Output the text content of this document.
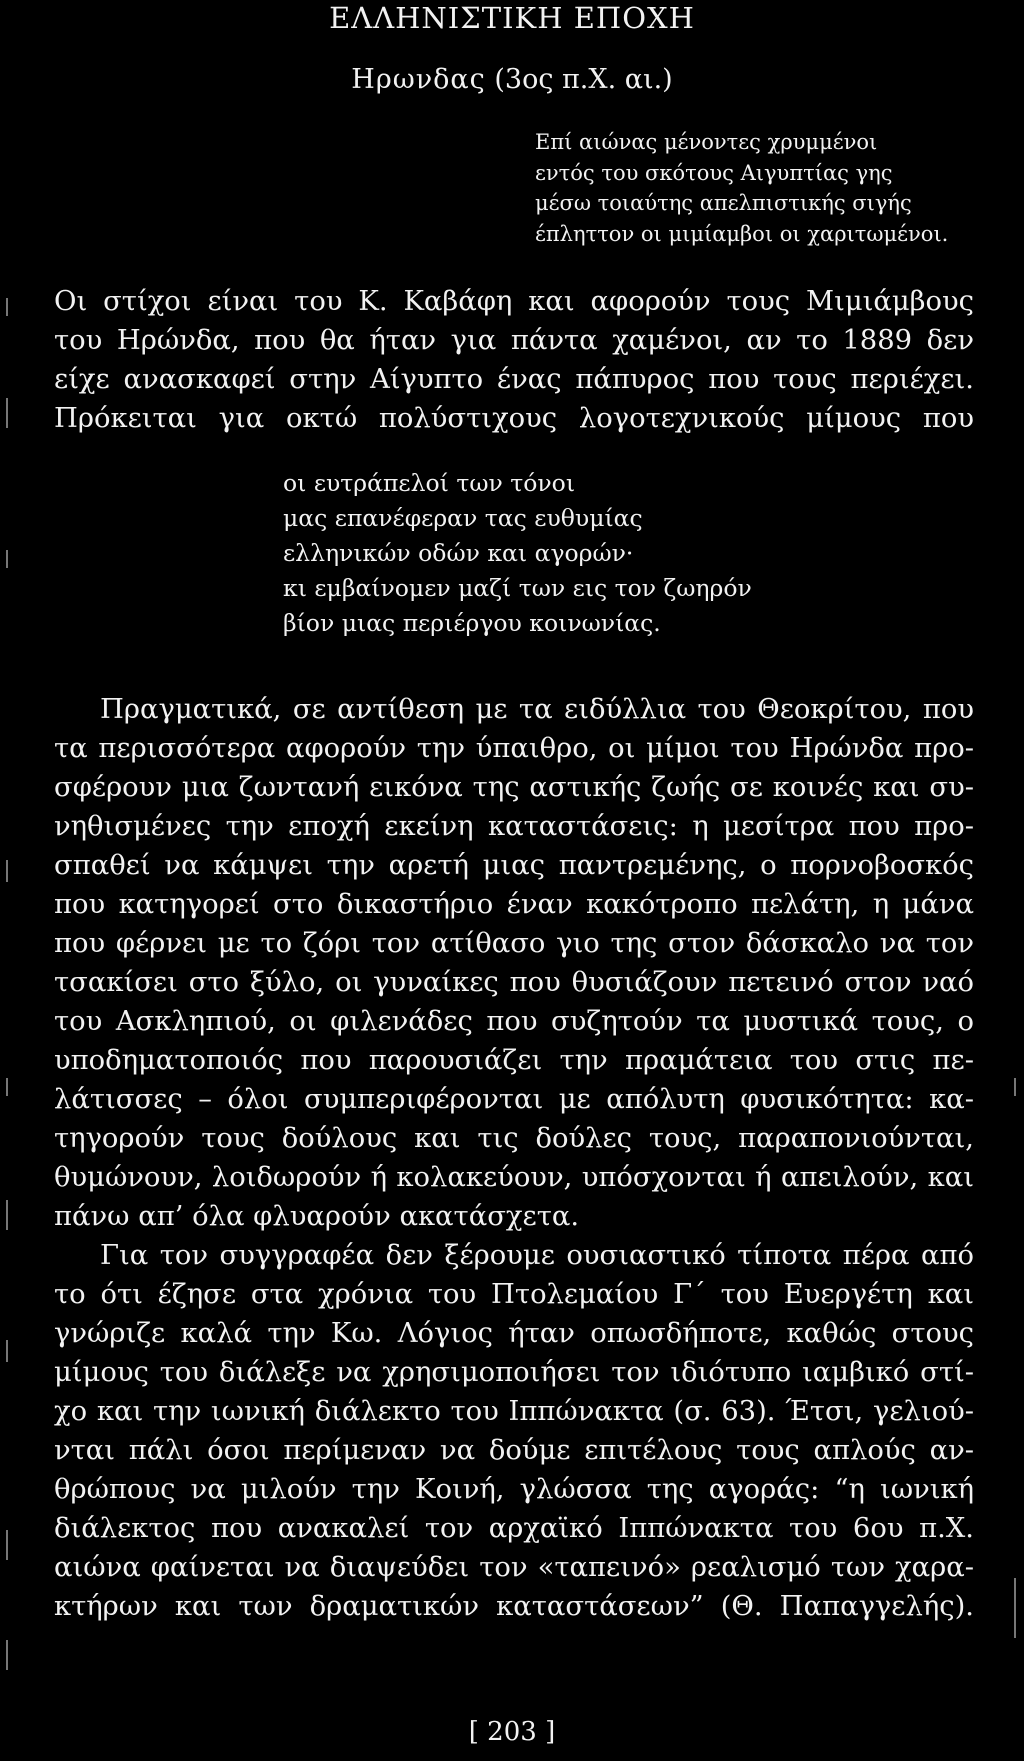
ΕΛΛΗΝΙΣΤΙΚΗ ΕΠΟΧΗ
Ηρωνδας (3ος π.Χ. αι.)
Επί αιώνας μένοντες χρυμμένοι
εντός του σκότους Αιγυπτίας γης
μέσω τοιαύτης απελπιστικής σιγής
έπληττον οι μιμίαμβοι οι χαριτωμένοι.
Οι στίχοι είναι του Κ. Καβάφη και αφορούν τους Μιμιάμβους
του Ηρώνδα, που θα ήταν για πάντα χαμένοι, αν το 1889 δεν
είχε ανασκαφεί στην Αίγυπτο ένας πάπυρος που τους περιέχει.
Πρόκειται για οκτώ πολύστιχους λογοτεχνικούς μίμους που
οι ευτράπελοί των τόνοι
μας επανέφεραν τας ευθυμίας
ελληνικών οδών και αγορών·
κι εμβαίνομεν μαζί των εις τον ζωηρόν
βίον μιας περιέργου κοινωνίας.
Πραγματικά, σε αντίθεση με τα ειδύλλια του Θεοκρίτου, που
τα περισσότερα αφορούν την ύπαιθρο, οι μίμοι του Ηρώνδα προ-
σφέρουν μια ζωντανή εικόνα της αστικής ζωής σε κοινές και συ-
νηθισμένες την εποχή εκείνη καταστάσεις: η μεσίτρα που προ-
σπαθεί να κάμψει την αρετή μιας παντρεμένης, ο πορνοβοσκός
που κατηγορεί στο δικαστήριο έναν κακότροπο πελάτη, η μάνα
που φέρνει με το ζόρι τον ατίθασο γιο της στον δάσκαλο να τον
τσακίσει στο ξύλο, οι γυναίκες που θυσιάζουν πετεινό στον ναό
του Ασκληπιού, οι φιλενάδες που συζητούν τα μυστικά τους, ο
υποδηματοποιός που παρουσιάζει την πραμάτεια του στις πε-
λάτισσες – όλοι συμπεριφέρονται με απόλυτη φυσικότητα: κα-
τηγορούν τους δούλους και τις δούλες τους, παραπονιούνται,
θυμώνουν, λοιδωρούν ή κολακεύουν, υπόσχονται ή απειλούν, και
πάνω απ’ όλα φλυαρούν ακατάσχετα.
Για τον συγγραφέα δεν ξέρουμε ουσιαστικό τίποτα πέρα από
το ότι έζησε στα χρόνια του Πτολεμαίου Γ΄ του Ευεργέτη και
γνώριζε καλά την Κω. Λόγιος ήταν οπωσδήποτε, καθώς στους
μίμους του διάλεξε να χρησιμοποιήσει τον ιδιότυπο ιαμβικό στί-
χο και την ιωνική διάλεκτο του Ιππώνακτα (σ. 63). Έτσι, γελιού-
νται πάλι όσοι περίμεναν να δούμε επιτέλους τους απλούς αν-
θρώπους να μιλούν την Κοινή, γλώσσα της αγοράς: “η ιωνική
διάλεκτος που ανακαλεί τον αρχαϊκό Ιππώνακτα του 6ου π.Χ.
αιώνα φαίνεται να διαψεύδει τον «ταπεινό» ρεαλισμό των χαρα-
κτήρων και των δραματικών καταστάσεων” (Θ. Παπαγγελής).
[ 203 ]
